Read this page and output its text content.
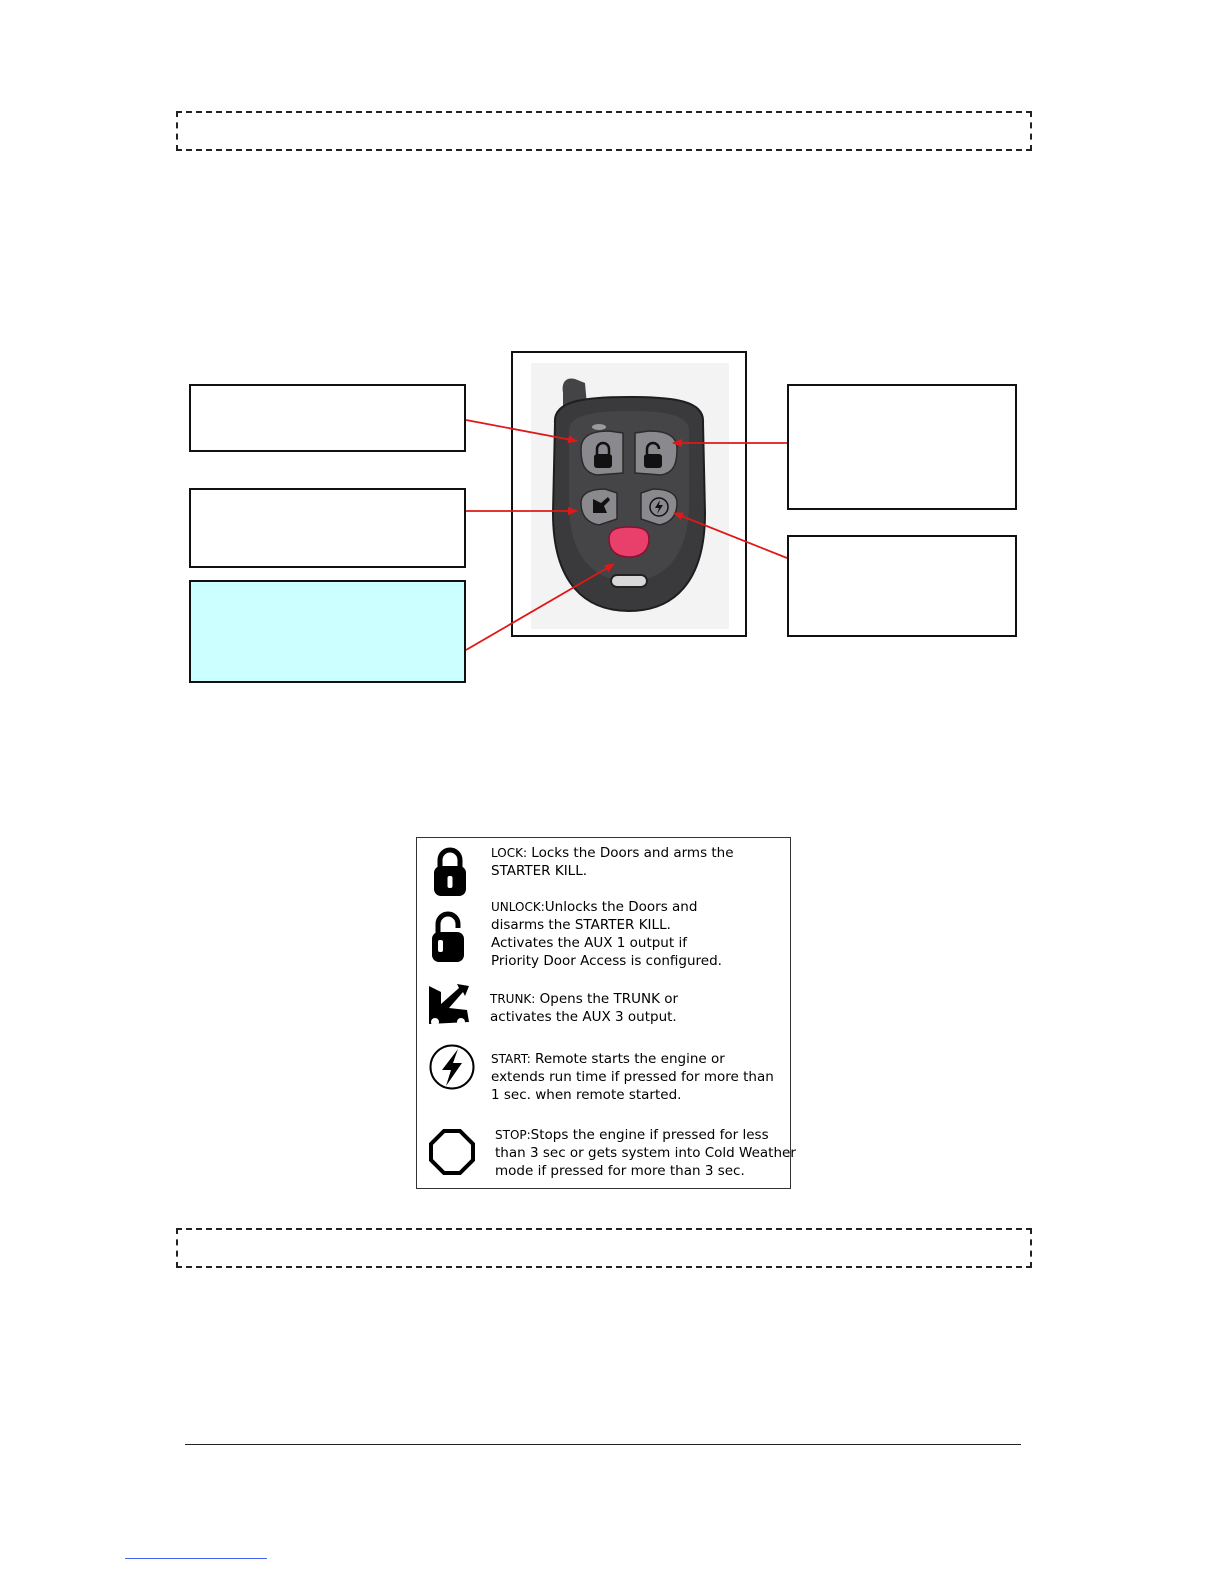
LOCK: Locks the Doors and arms the
STARTER KILL.
UNLOCK:Unlocks the Doors and
disarms the STARTER KILL.
Activates the AUX 1 output if
Priority Door Access is configured.
TRUNK: Opens the TRUNK or
activates the AUX 3 output.
START: Remote starts the engine or
extends run time if pressed for more than
1 sec. when remote started.
STOP:Stops the engine if pressed for less
than 3 sec or gets system into Cold Weather
mode if pressed for more than 3 sec.
